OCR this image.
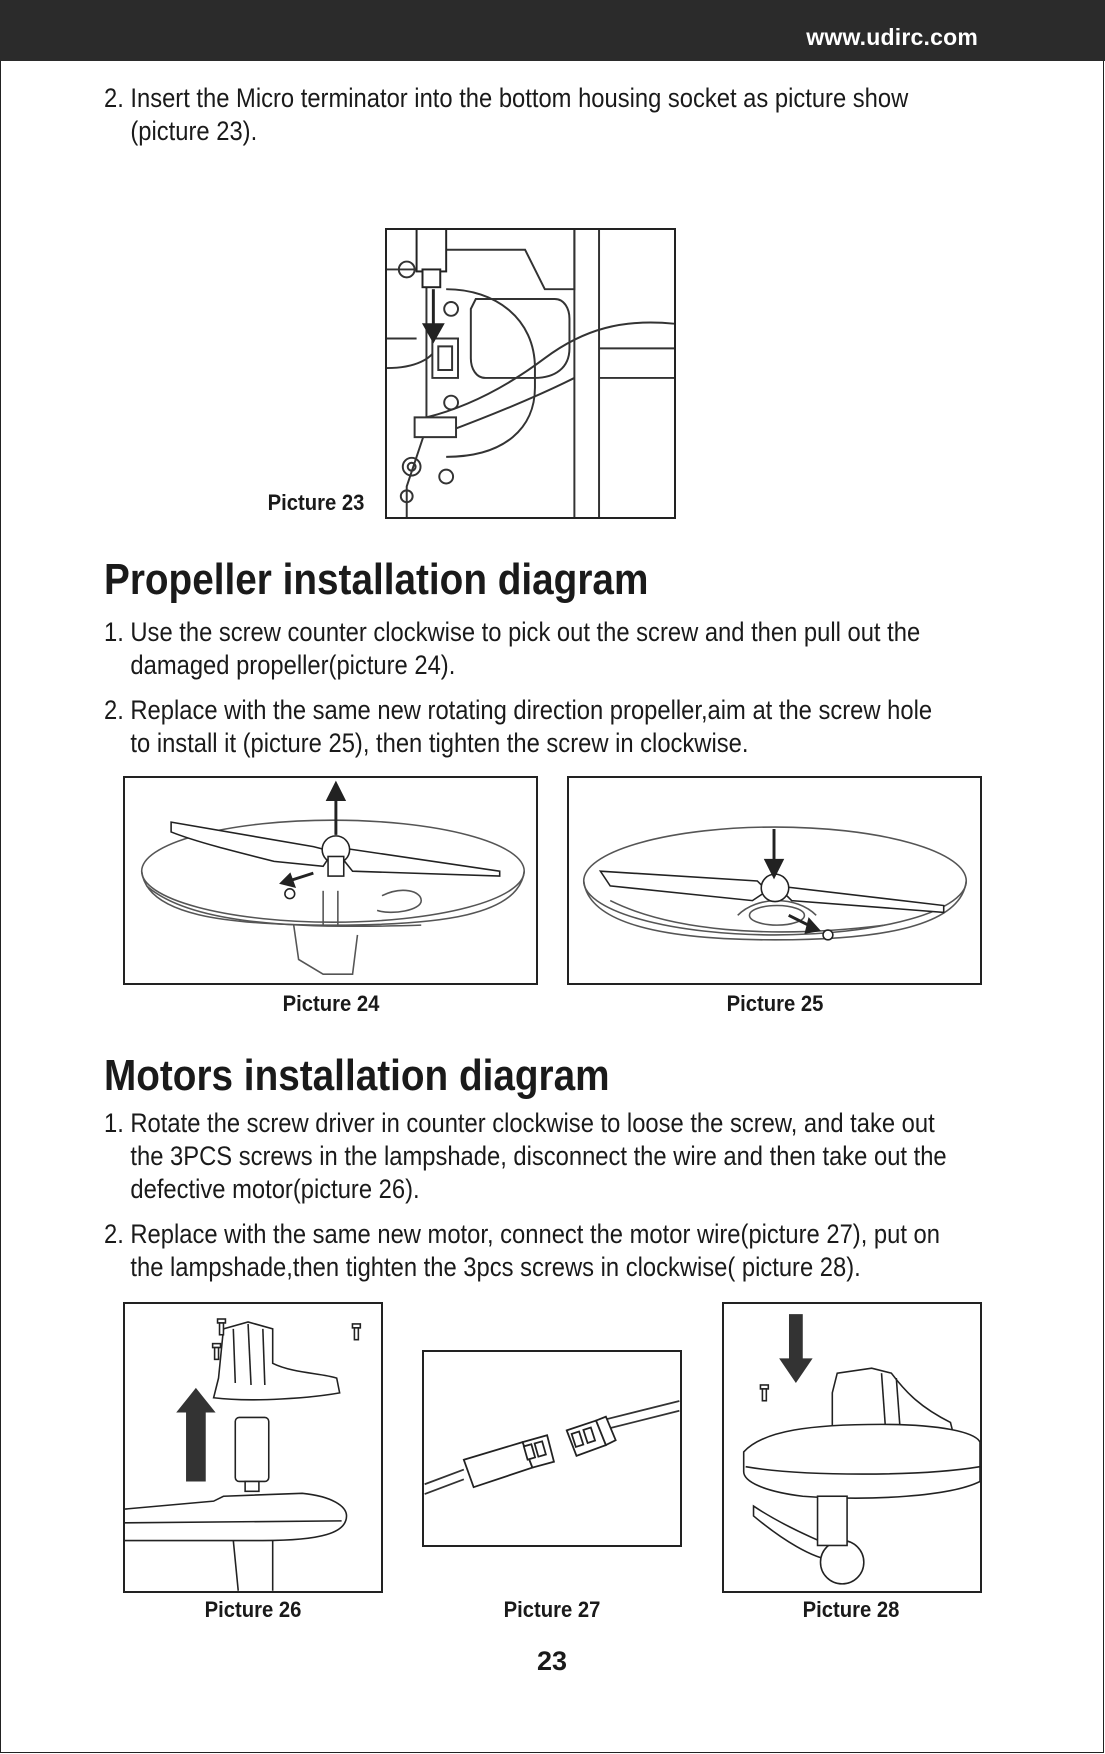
www.udirc.com
2. Insert the Micro terminator into the bottom housing socket as picture show
(picture 23).
Picture 23
Propeller installation diagram
1. Use the screw counter clockwise to pick out the screw and then pull out the
damaged propeller(picture 24).
2. Replace with the same new rotating direction propeller,aim at the screw hole
to install it (picture 25), then tighten the screw in clockwise.
Picture 24	Picture 25
Motors installation diagram
1. Rotate the screw driver in counter clockwise to loose the screw, and take out
the 3PCS screws in the lampshade, disconnect the wire and then take out the
defective motor(picture 26).
2. Replace with the same new motor, connect the motor wire(picture 27), put on
the lampshade,then tighten the 3pcs screws in clockwise( picture 28).
Picture 26	Picture 27	Picture 28
23
